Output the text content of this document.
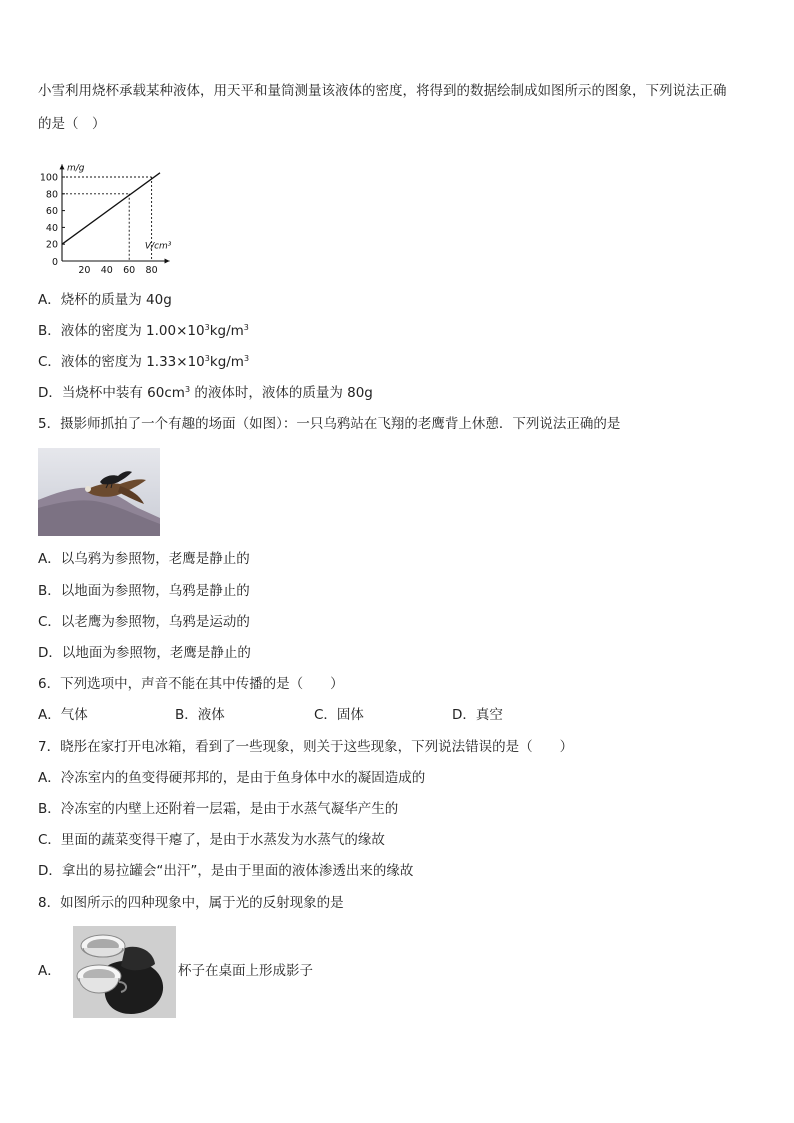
小雪利用烧杯承载某种液体，用天平和量筒测量该液体的密度，将得到的数据绘制成如图所示的图象，下列说法正确
的是（　）
m/g
V/cm³
0
20 40 60 80
20
40
60
80
100
A．烧杯的质量为 40g
B．液体的密度为 $1.00\times 10^3kg/m^3$
C．液体的密度为 $1.33\times 10^3kg/m^3$
D．当烧杯中装有 $60cm^3$ 的液体时，液体的质量为 80g
5．摄影师抓拍了一个有趣的场面（如图）：一只乌鸦站在飞翔的老鹰背上休憩．下列说法正确的是
A．以乌鸦为参照物，老鹰是静止的
B．以地面为参照物，乌鸦是静止的
C．以老鹰为参照物，乌鸦是运动的
D．以地面为参照物，老鹰是静止的
6．下列选项中，声音不能在其中传播的是（　　）
A．气体	B．液体	C．固体	D．真空
7．晓彤在家打开电冰箱，看到了一些现象，则关于这些现象，下列说法错误的是（　　）
A．冷冻室内的鱼变得硬邦邦的，是由于鱼身体中水的凝固造成的
B．冷冻室的内壁上还附着一层霜，是由于水蒸气凝华产生的
C．里面的蔬菜变得干瘪了，是由于水蒸发为水蒸气的缘故
D．拿出的易拉罐会“出汗”，是由于里面的液体渗透出来的缘故
8．如图所示的四种现象中，属于光的反射现象的是
A．	杯子在桌面上形成影子
